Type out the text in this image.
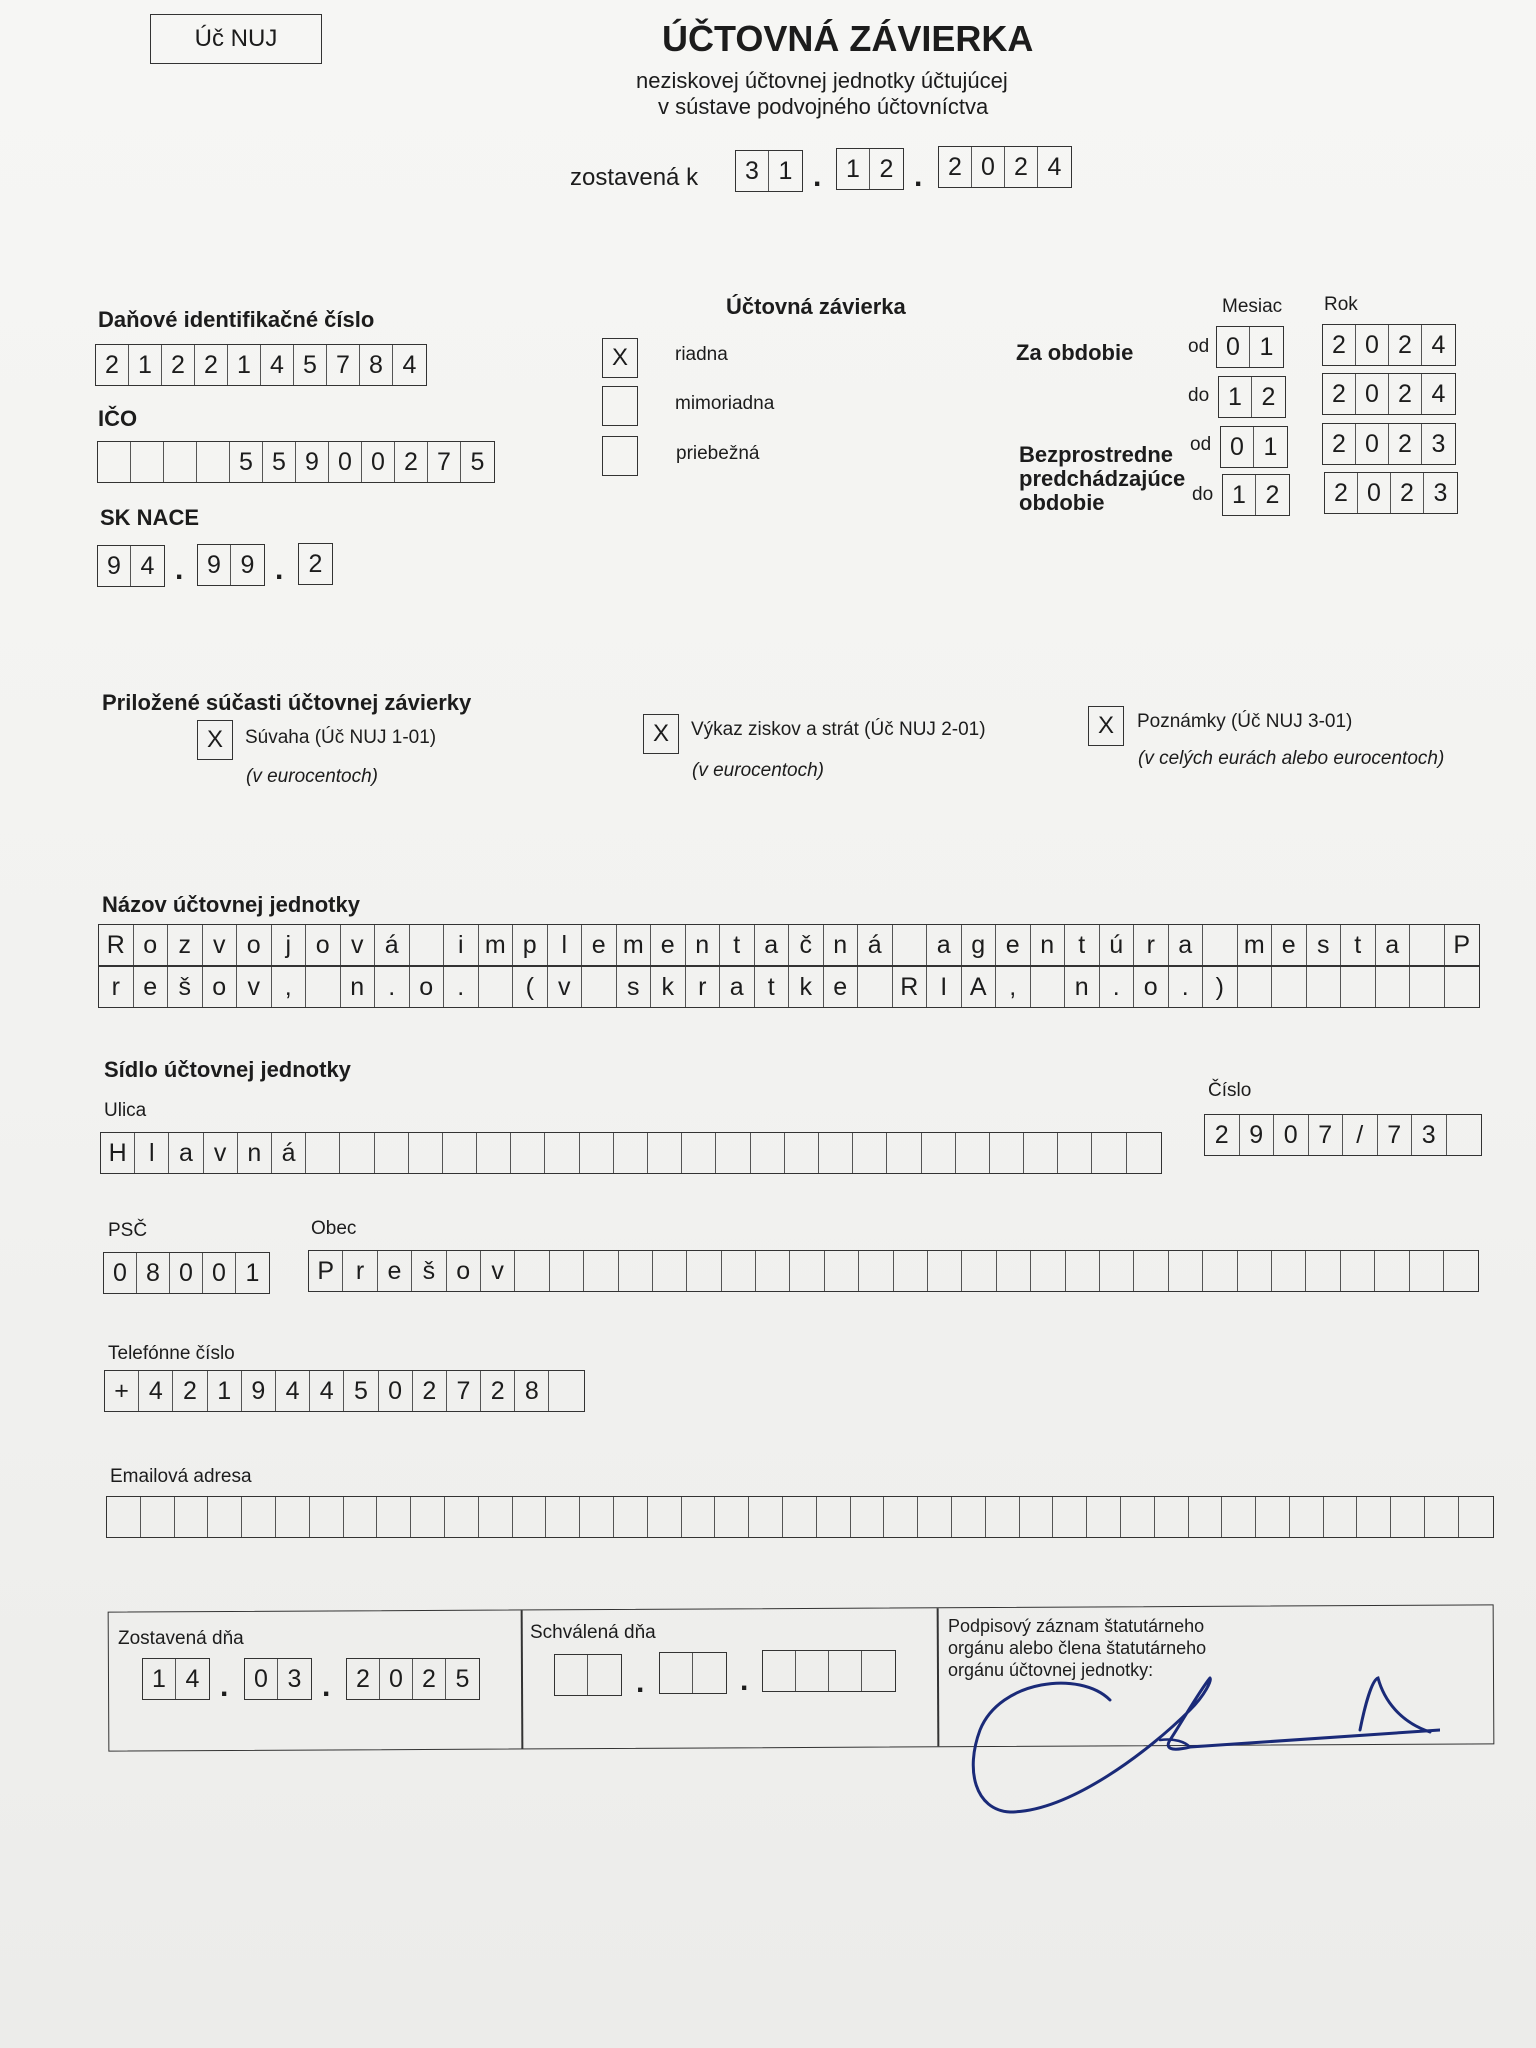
Úč NUJ	ÚČTOVNÁ ZÁVIERKA
neziskovej účtovnej jednotky účtujúcej
v sústave podvojného účtovníctva
zostavená k	3 1 . 1 2 .	2 0 2 4
Daňové identifikačné číslo
2 1 2 2 1 4 5 7 8 4
IČO
5 5 9 0 0 2 7 5
SK NACE
9 4 . 9 9 .	2
Účtovná závierka
X	riadna
mimoriadna
priebežná
Mesiac Rok
Za obdobie	od 0 1	2 0 2 4
do 1 2	2 0 2 4
Bezprostredne
predchádzajúce
obdobie
od 0 1	2 0 2 3
do 1 2	2 0 2 3
Priložené súčasti účtovnej závierky
X	Súvaha (Úč NUJ 1-01)
(v eurocentoch)
X	Výkaz ziskov a strát (Úč NUJ 2-01)
(v eurocentoch)
X	Poznámky (Úč NUJ 3-01)
(v celých eurách alebo eurocentoch)
Názov účtovnej jednotky
R o z v o j o v á	i m p l e m e n t a č n á	a g e n t ú r a	m e s t a	P
r e š o v ,	n . o .	( v	s k r a t k e	R I A ,	n . o .	)
Sídlo účtovnej jednotky
Ulica
H l a v n á
Číslo
2 9 0 7 / 7 3
PSČ
0 8 0 0 1
Obec
P r e š o v
Telefónne číslo
+ 4 2 1 9 4 4 5 0 2 7 2 8
Emailová adresa
Zostavená dňa
1 4 .	0 3 .	2 0 2 5
Schválená dňa
.	.
Podpisový záznam štatutárneho
orgánu alebo člena štatutárneho
orgánu účtovnej jednotky:
